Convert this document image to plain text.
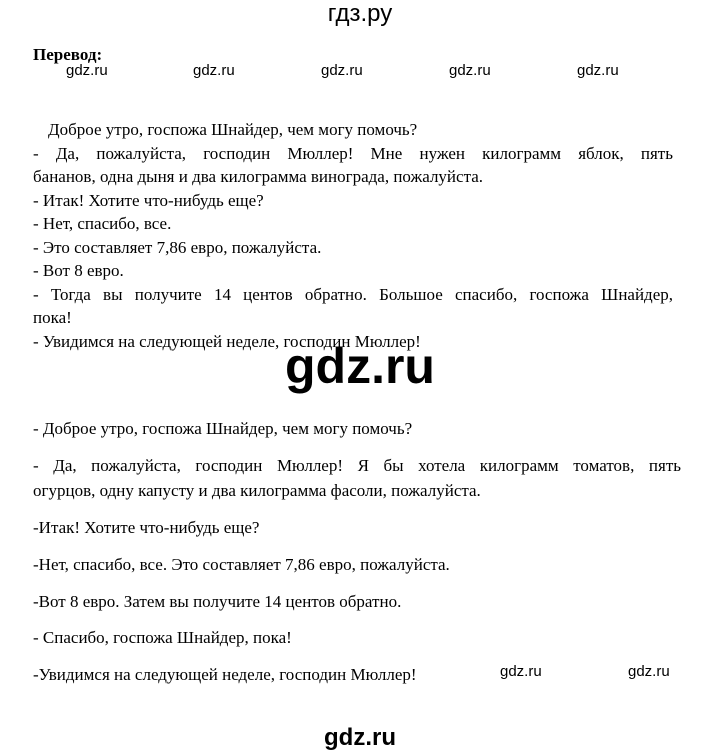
гдз.ру
Перевод:
gdz.ru	gdz.ru	gdz.ru	gdz.ru	gdz.ru
Доброе утро, госпожа Шнайдер, чем могу помочь?
- Да, пожалуйста, господин Мюллер! Мне нужен килограмм яблок, пять
бананов, одна дыня и два килограмма винограда, пожалуйста.
- Итак! Хотите что-нибудь еще?
- Нет, спасибо, все.
- Это составляет 7,86 евро, пожалуйста.
- Вот 8 евро.
- Тогда вы получите 14 центов обратно. Большое спасибо, госпожа Шнайдер,
пока!
- Увидимся на следующей неделе, господин Мюллер!
gdz.ru
- Доброе утро, госпожа Шнайдер, чем могу помочь?
- Да, пожалуйста, господин Мюллер! Я бы хотела килограмм томатов, пять
огурцов, одну капусту и два килограмма фасоли, пожалуйста.
-Итак! Хотите что-нибудь еще?
-Нет, спасибо, все. Это составляет 7,86 евро, пожалуйста.
-Вот 8 евро. Затем вы получите 14 центов обратно.
- Спасибо, госпожа Шнайдер, пока!
-Увидимся на следующей неделе, господин Мюллер!	gdz.ru	gdz.ru
gdz.ru
